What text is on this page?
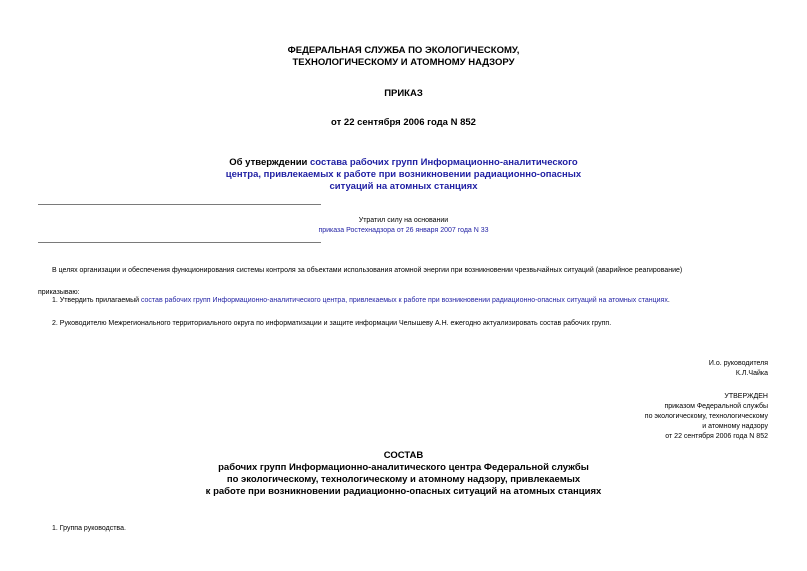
ФЕДЕРАЛЬНАЯ СЛУЖБА ПО ЭКОЛОГИЧЕСКОМУ,
ТЕХНОЛОГИЧЕСКОМУ И АТОМНОМУ НАДЗОРУ
ПРИКАЗ
от 22 сентября 2006 года N 852
Об утверждении состава рабочих групп Информационно-аналитического
центра, привлекаемых к работе при возникновении радиационно-опасных
ситуаций на атомных станциях
Утратил силу на основании
приказа Ростехнадзора от 26 января 2007 года N 33
В целях организации и обеспечения функционирования системы контроля за объектами использования атомной энергии при возникновении чрезвычайных ситуаций (аварийное реагирование)
приказываю:
1. Утвердить прилагаемый состав рабочих групп Информационно-аналитического центра, привлекаемых к работе при возникновении радиационно-опасных ситуаций на атомных станциях.
2. Руководителю Межрегионального территориального округа по информатизации и защите информации Челышеву А.Н. ежегодно актуализировать состав рабочих групп.
И.о. руководителя
К.Л.Чайка
УТВЕРЖДЕН
приказом Федеральной службы
по экологическому, технологическому
и атомному надзору
от 22 сентября 2006 года N 852
СОСТАВ
рабочих групп Информационно-аналитического центра Федеральной службы
по экологическому, технологическому и атомному надзору, привлекаемых
к работе при возникновении радиационно-опасных ситуаций на атомных станциях
1. Группа руководства.
